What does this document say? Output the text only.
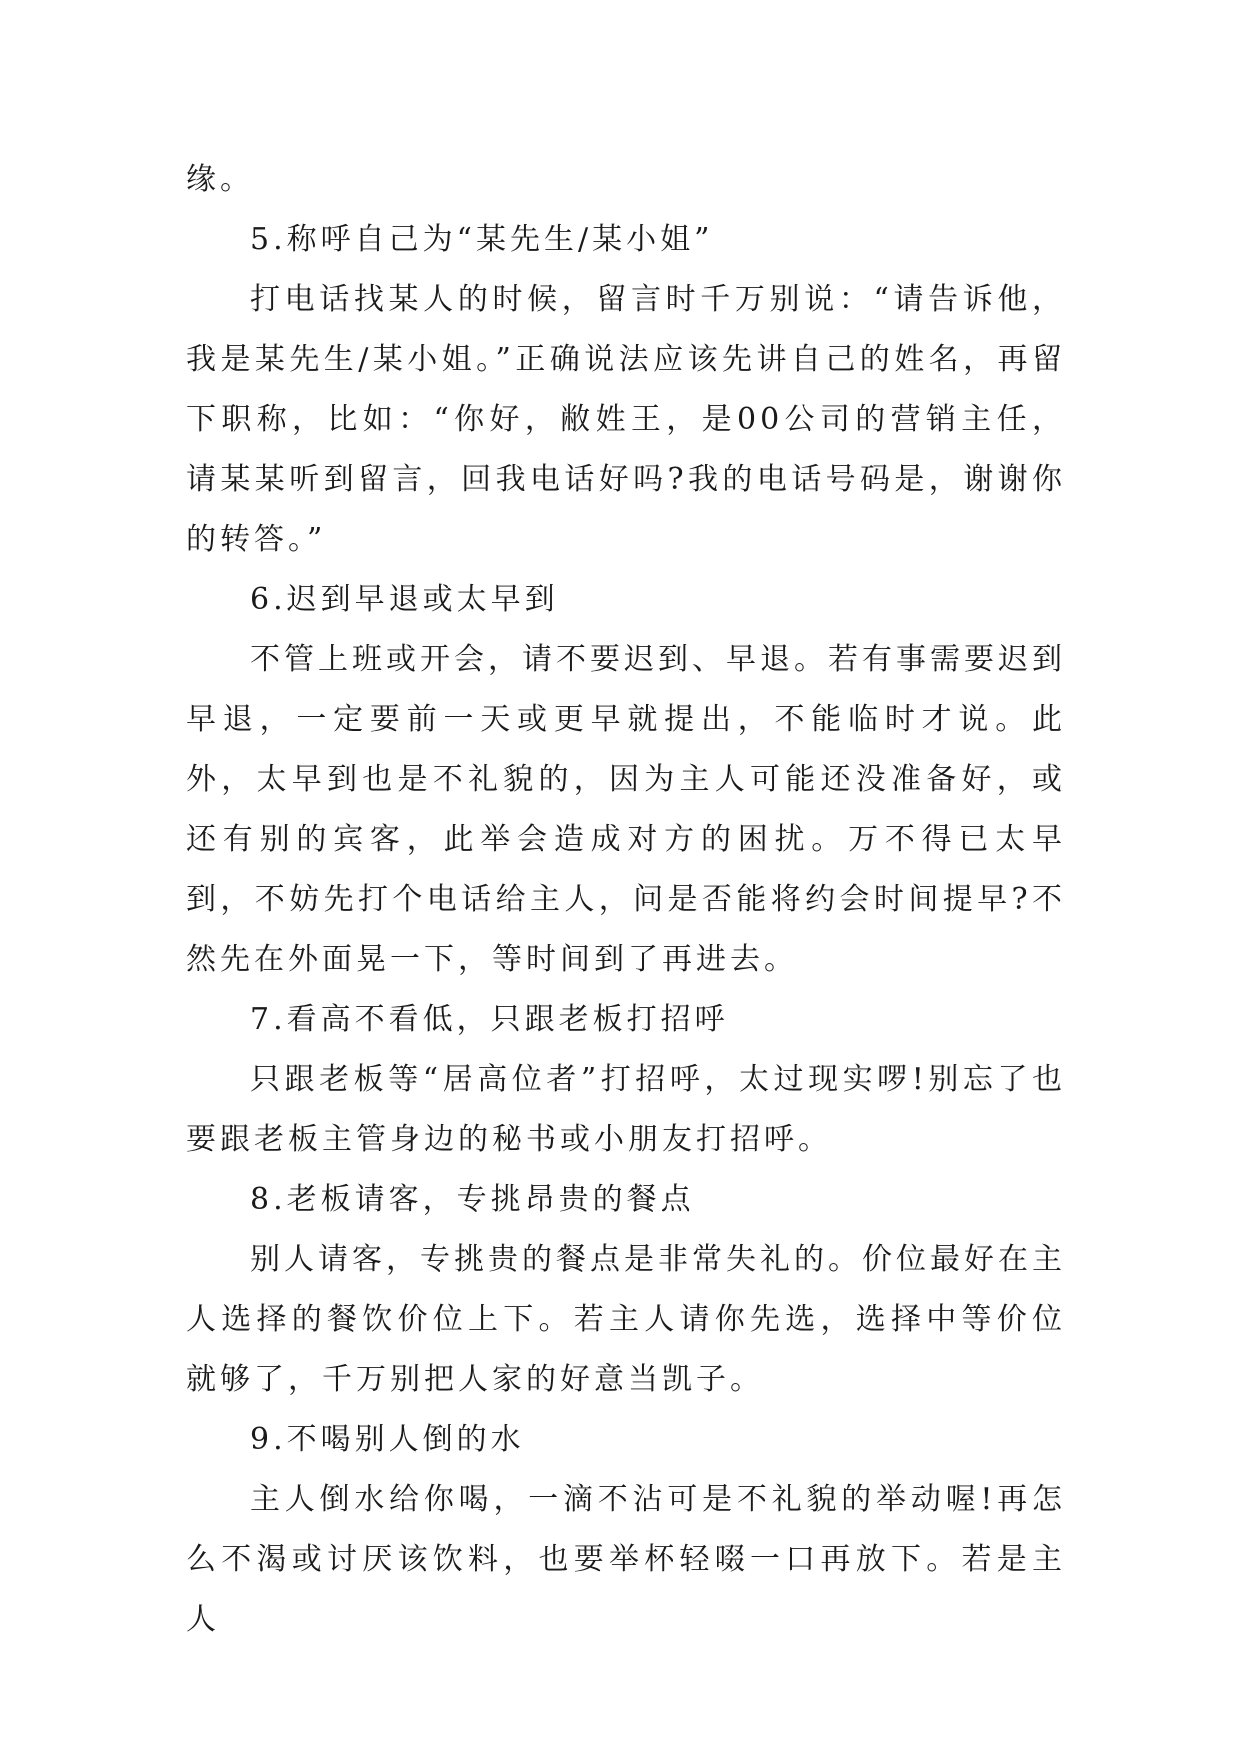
缘。

5.称呼自己为“某先生/某小姐”

打电话找某人的时候，留言时千万别说：“请告诉他，我是某先生/某小姐。”正确说法应该先讲自己的姓名，再留下职称，比如：“你好，敝姓王，是00公司的营销主任，请某某听到留言，回我电话好吗?我的电话号码是，谢谢你的转答。”

6.迟到早退或太早到

不管上班或开会，请不要迟到、早退。若有事需要迟到早退，一定要前一天或更早就提出，不能临时才说。此外，太早到也是不礼貌的，因为主人可能还没准备好，或还有别的宾客，此举会造成对方的困扰。万不得已太早到，不妨先打个电话给主人，问是否能将约会时间提早?不然先在外面晃一下，等时间到了再进去。

7.看高不看低，只跟老板打招呼

只跟老板等“居高位者”打招呼，太过现实啰!别忘了也要跟老板主管身边的秘书或小朋友打招呼。

8.老板请客，专挑昂贵的餐点

别人请客，专挑贵的餐点是非常失礼的。价位最好在主人选择的餐饮价位上下。若主人请你先选，选择中等价位就够了，千万别把人家的好意当凯子。

9.不喝别人倒的水

主人倒水给你喝，一滴不沾可是不礼貌的举动喔!再怎么不渴或讨厌该饮料，也要举杯轻啜一口再放下。若是主人
